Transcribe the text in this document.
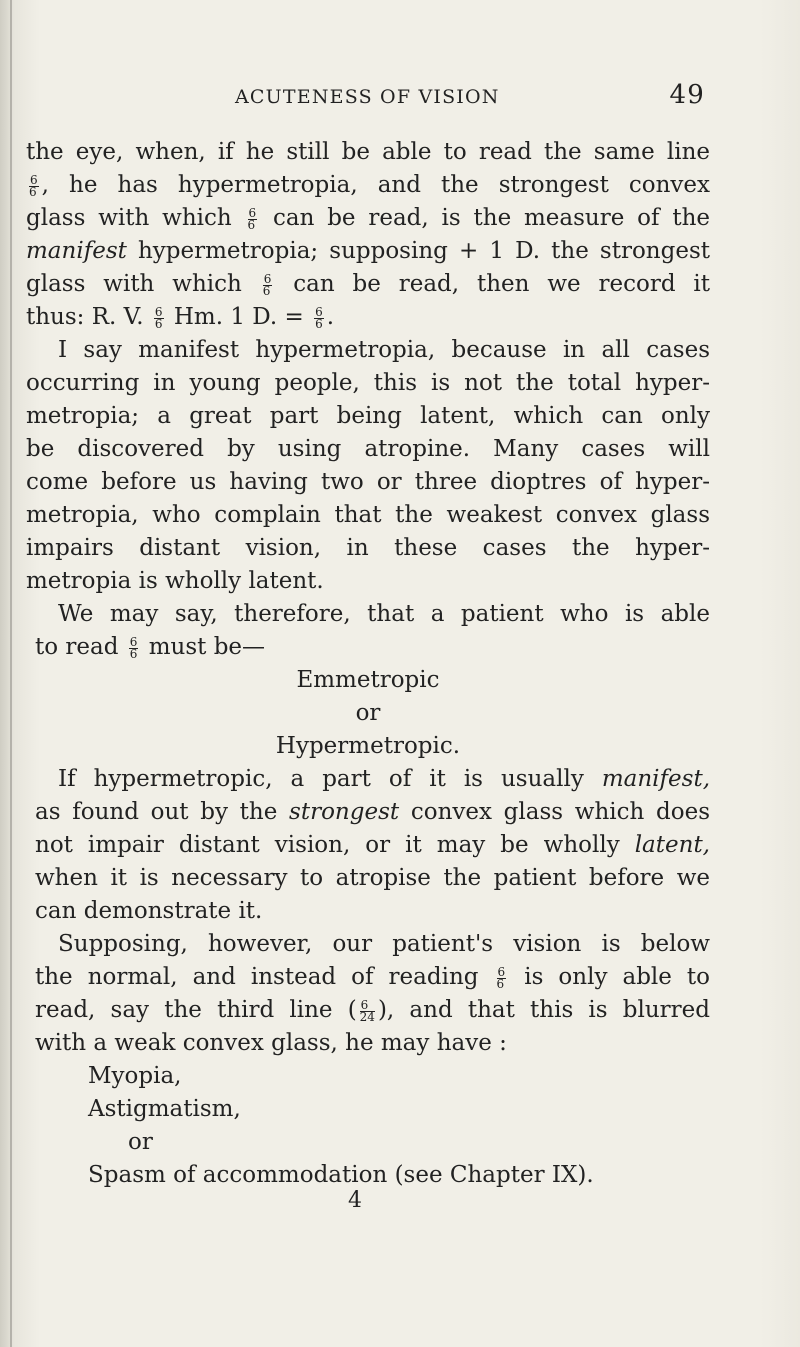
ACUTENESS OF VISION	49
the eye, when, if he still be able to read the same line
$\frac{6}{6}$ , he has hypermetropia, and the strongest convex
glass with which $\frac{6}{6}$ can be read, is the measure of the
manifest hypermetropia; supposing + 1 D. the strongest
glass with which $\frac{6}{6}$ can be read, then we record it
thus: R. V. $\frac{6}{6} Hm$. 1 D. = $\frac{6}{6}$ .
I say manifest hypermetropia, because in all cases
occurring in young people, this is not the total hyper-
metropia; a great part being latent, which can only
be discovered by using atropine. Many cases will
come before us having two or three dioptres of hyper-
metropia, who complain that the weakest convex glass
impairs distant vision, in these cases the hyper-
metropia is wholly latent.
We may say, therefore, that a patient who is able
to read $\frac{6}{6}$ must be—
Emmetropic
or
Hypermetropic.
If hypermetropic, a part of it is usually manifest,
as found out by the strongest convex glass which does
not impair distant vision, or it may be wholly latent,
when it is necessary to atropise the patient before we
can demonstrate it.
Supposing, however, our patient's vision is below
the normal, and instead of reading $\frac{6}{6}$ is only able to
read, say the third line ( $\frac{6}{24}$ ), and that this is blurred
with a weak convex glass, he may have :
Myopia,
Astigmatism,
or
Spasm of accommodation (see Chapter IX).
4
